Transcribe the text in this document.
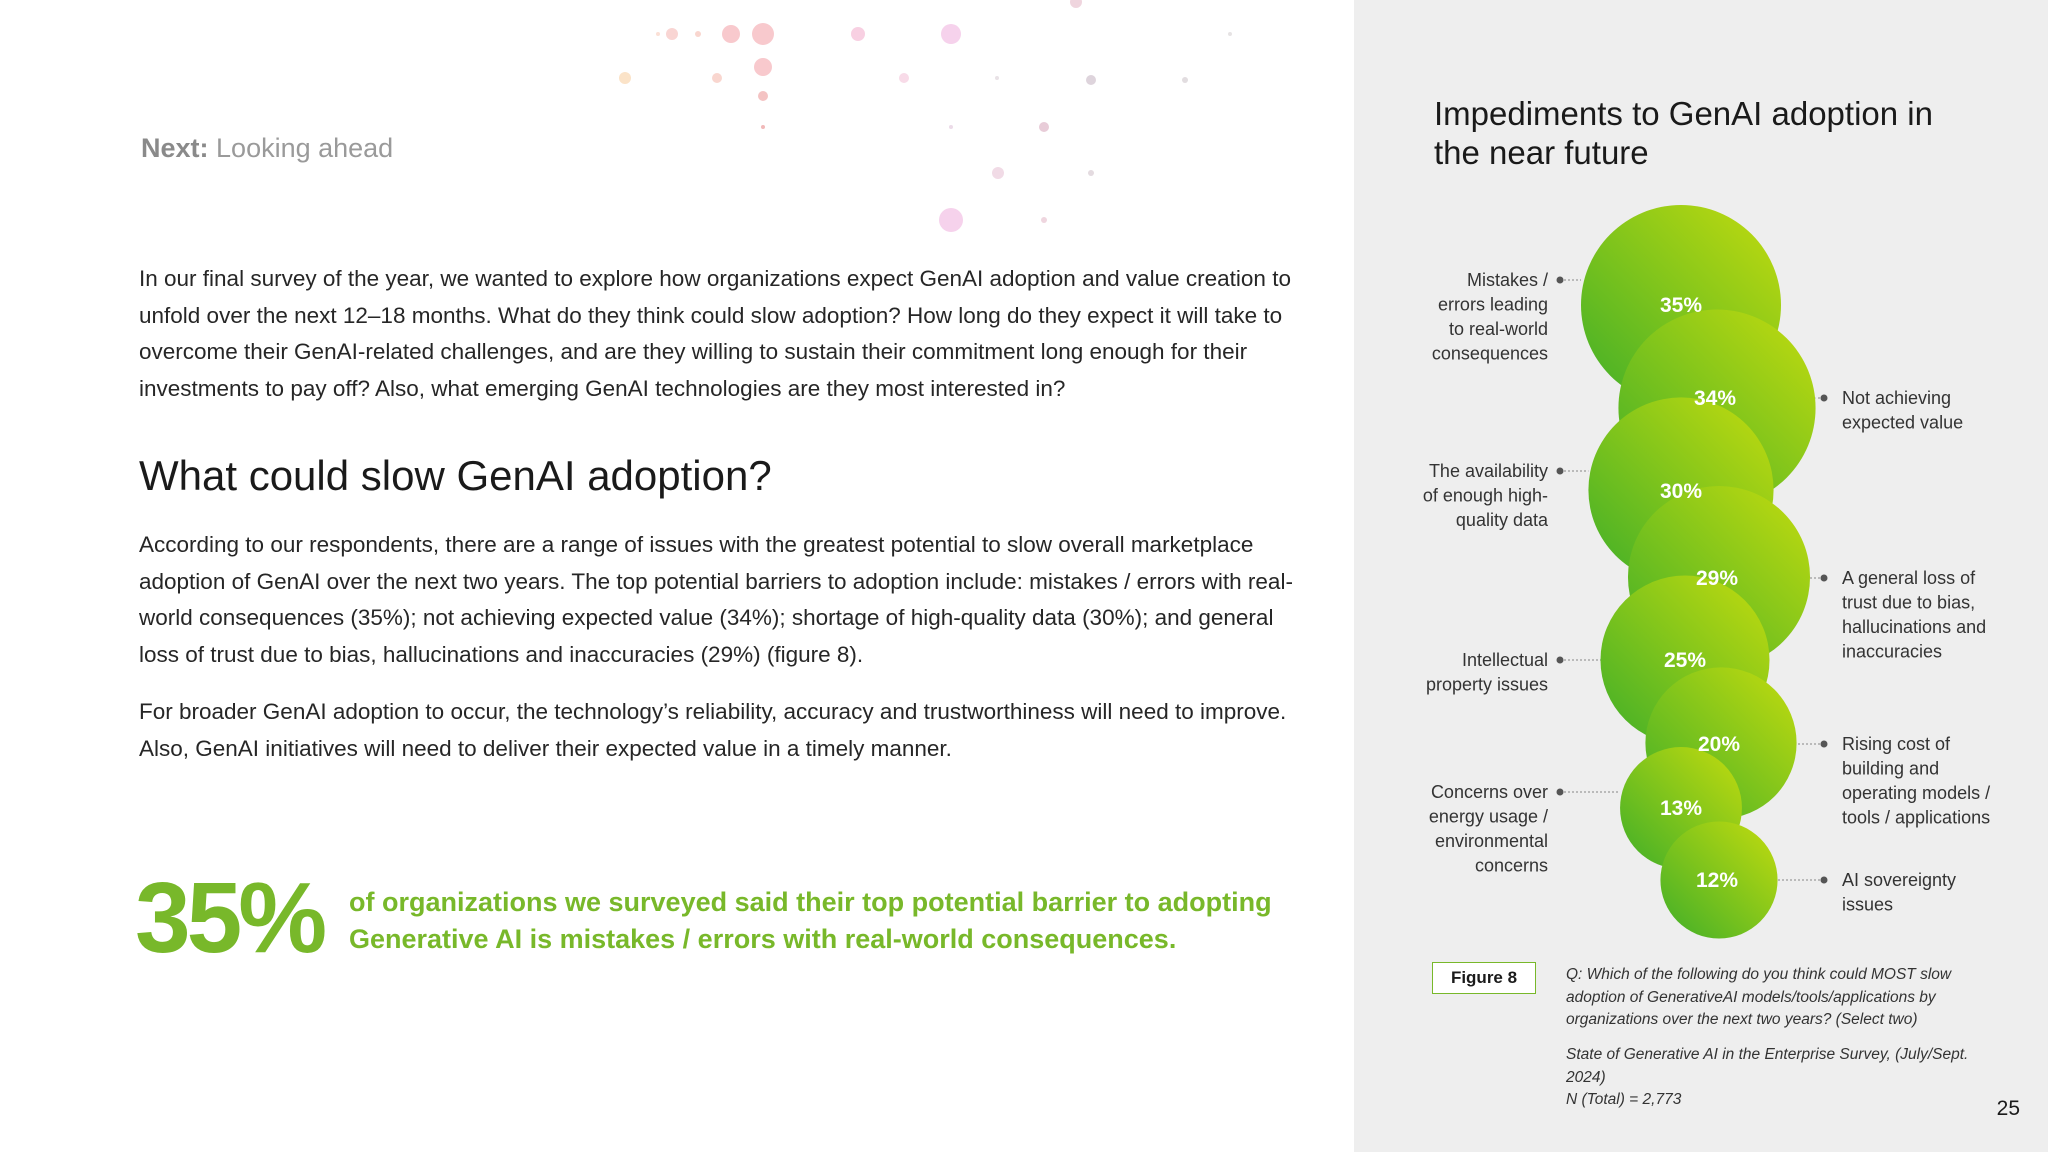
Next: Looking ahead

In our final survey of the year, we wanted to explore how organizations expect GenAI adoption and value creation to unfold over the next 12–18 months. What do they think could slow adoption? How long do they expect it will take to overcome their GenAI-related challenges, and are they willing to sustain their commitment long enough for their investments to pay off? Also, what emerging GenAI technologies are they most interested in?

What could slow GenAI adoption?

According to our respondents, there are a range of issues with the greatest potential to slow overall marketplace adoption of GenAI over the next two years. The top potential barriers to adoption include: mistakes / errors with real-world consequences (35%); not achieving expected value (34%); shortage of high-quality data (30%); and general loss of trust due to bias, hallucinations and inaccuracies (29%) (figure 8).

For broader GenAI adoption to occur, the technology’s reliability, accuracy and trustworthiness will need to improve. Also, GenAI initiatives will need to deliver their expected value in a timely manner.

35% of organizations we surveyed said their top potential barrier to adopting Generative AI is mistakes / errors with real-world consequences.

Impediments to GenAI adoption in the near future
35%
Mistakes / errors leading to real-world consequences
34%	Not achieving expected value
30%
The availability of enough high-quality data
29%	A general loss of trust due to bias, hallucinations and inaccuracies
25%
Intellectual property issues
20%	Rising cost of building and operating models / tools / applications
13%
Concerns over energy usage / environmental concerns
12%	AI sovereignty issues
Figure 8	Q: Which of the following do you think could MOST slow adoption of GenerativeAI models/tools/applications by organizations over the next two years? (Select two)

State of Generative AI in the Enterprise Survey, (July/Sept. 2024)
N (Total) = 2,773	25
